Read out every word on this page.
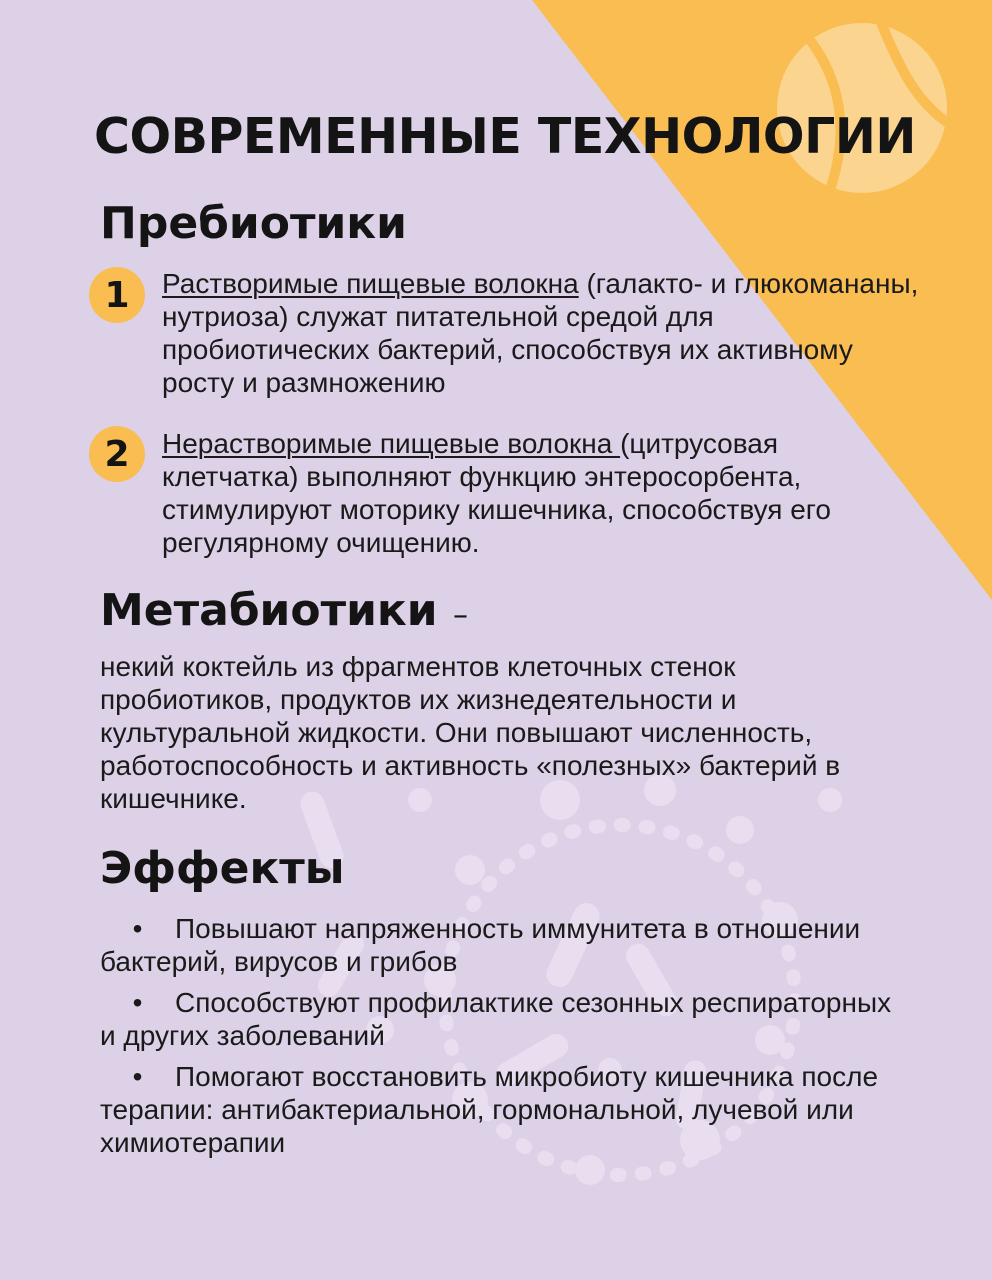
СОВРЕМЕННЫЕ ТЕХНОЛОГИИ
Пребиотики
1	Растворимые пищевые волокна (галакто- и глюкомананы, нутриоза) служат питательной средой для пробиотических бактерий, способствуя их активному росту и размножению

2	Нерастворимые пищевые волокна (цитрусовая клетчатка) выполняют функцию энтеросорбента, стимулируют моторику кишечника, способствуя его регулярному очищению.

Метабиотики –

некий коктейль из фрагментов клеточных стенок пробиотиков, продуктов их жизнедеятельности и культуральной жидкости. Они повышают численность, работоспособность и активность «полезных» бактерий в кишечнике.

Эффекты
• Повышают напряженность иммунитета в отношении бактерий, вирусов и грибов
• Способствуют профилактике сезонных респираторных и других заболеваний
• Помогают восстановить микробиоту кишечника после терапии: антибактериальной, гормональной, лучевой или химиотерапии
